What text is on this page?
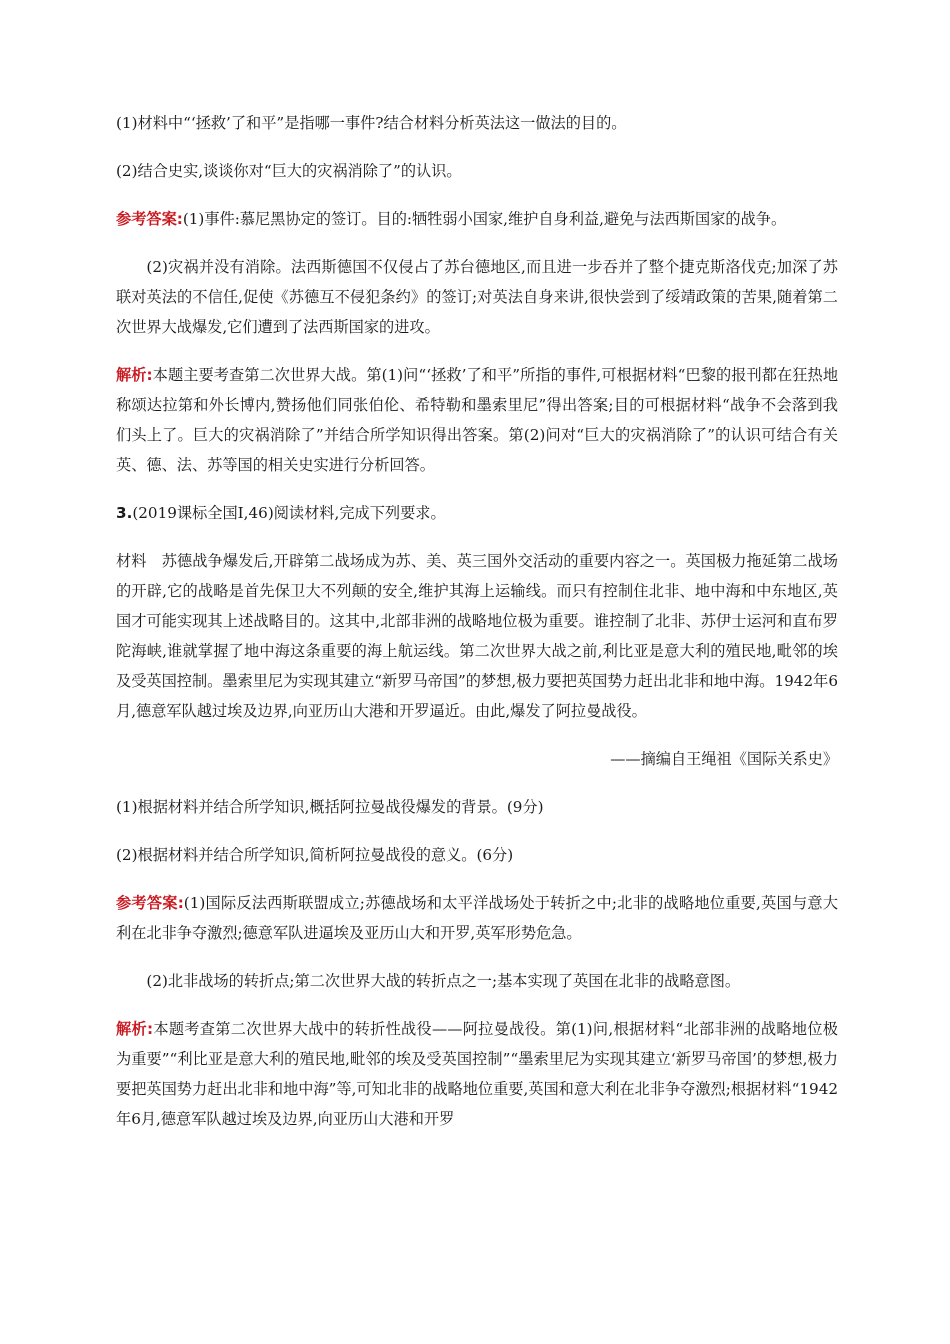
(1)材料中“‘拯救’了和平”是指哪一事件?结合材料分析英法这一做法的目的。

(2)结合史实,谈谈你对“巨大的灾祸消除了”的认识。

参考答案:(1)事件:慕尼黑协定的签订。目的:牺牲弱小国家,维护自身利益,避免与法西斯国家的战争。

(2)灾祸并没有消除。法西斯德国不仅侵占了苏台德地区,而且进一步吞并了整个捷克斯洛伐克;加深了苏联对英法的不信任,促使《苏德互不侵犯条约》的签订;对英法自身来讲,很快尝到了绥靖政策的苦果,随着第二次世界大战爆发,它们遭到了法西斯国家的进攻。

解析:本题主要考查第二次世界大战。第(1)问“‘拯救’了和平”所指的事件,可根据材料“巴黎的报刊都在狂热地称颂达拉第和外长博内,赞扬他们同张伯伦、希特勒和墨索里尼”得出答案;目的可根据材料“战争不会落到我们头上了。巨大的灾祸消除了”并结合所学知识得出答案。第(2)问对“巨大的灾祸消除了”的认识可结合有关英、德、法、苏等国的相关史实进行分析回答。

3.(2019课标全国Ⅰ,46)阅读材料,完成下列要求。

材料　苏德战争爆发后,开辟第二战场成为苏、美、英三国外交活动的重要内容之一。英国极力拖延第二战场的开辟,它的战略是首先保卫大不列颠的安全,维护其海上运输线。而只有控制住北非、地中海和中东地区,英国才可能实现其上述战略目的。这其中,北部非洲的战略地位极为重要。谁控制了北非、苏伊士运河和直布罗陀海峡,谁就掌握了地中海这条重要的海上航运线。第二次世界大战之前,利比亚是意大利的殖民地,毗邻的埃及受英国控制。墨索里尼为实现其建立“新罗马帝国”的梦想,极力要把英国势力赶出北非和地中海。1942年6月,德意军队越过埃及边界,向亚历山大港和开罗逼近。由此,爆发了阿拉曼战役。

——摘编自王绳祖《国际关系史》

(1)根据材料并结合所学知识,概括阿拉曼战役爆发的背景。(9分)

(2)根据材料并结合所学知识,简析阿拉曼战役的意义。(6分)

参考答案:(1)国际反法西斯联盟成立;苏德战场和太平洋战场处于转折之中;北非的战略地位重要,英国与意大利在北非争夺激烈;德意军队进逼埃及亚历山大和开罗,英军形势危急。

(2)北非战场的转折点;第二次世界大战的转折点之一;基本实现了英国在北非的战略意图。

解析:本题考查第二次世界大战中的转折性战役——阿拉曼战役。第(1)问,根据材料“北部非洲的战略地位极为重要”“利比亚是意大利的殖民地,毗邻的埃及受英国控制”“墨索里尼为实现其建立‘新罗马帝国’的梦想,极力要把英国势力赶出北非和地中海”等,可知北非的战略地位重要,英国和意大利在北非争夺激烈;根据材料“1942年6月,德意军队越过埃及边界,向亚历山大港和开罗
